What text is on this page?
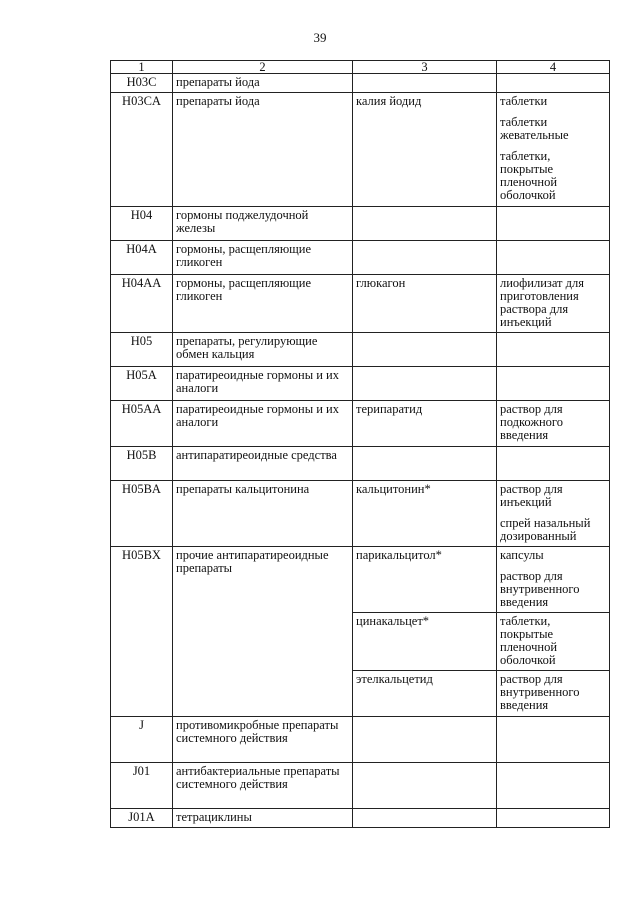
39
1	2	3	4
H03C	препараты йода		
H03CA	препараты йода	калия йодид	таблетки
таблетки жевательные
таблетки, покрытые пленочной оболочкой

H04	гормоны поджелудочной железы		
H04A	гормоны, расщепляющие гликоген		
H04AA	гормоны, расщепляющие гликоген	глюкагон	лиофилизат для приготовления раствора для инъекций

H05	препараты, регулирующие обмен кальция		
H05A	паратиреоидные гормоны и их аналоги		
H05AA	паратиреоидные гормоны и их аналоги	терипаратид	раствор для подкожного введения

H05B	антипаратиреоидные средства		
H05BA	препараты кальцитонина	кальцитонин*	раствор для инъекций
спрей назальный дозированный

H05BX	прочие антипаратиреоидные препараты	парикальцитол*	капсулы
раствор для внутривенного введения

		цинакальцет*	таблетки, покрытые пленочной оболочкой

		этелкальцетид	раствор для внутривенного введения

J	противомикробные препараты системного действия		
J01	антибактериальные препараты системного действия		
J01A	тетрациклины		
